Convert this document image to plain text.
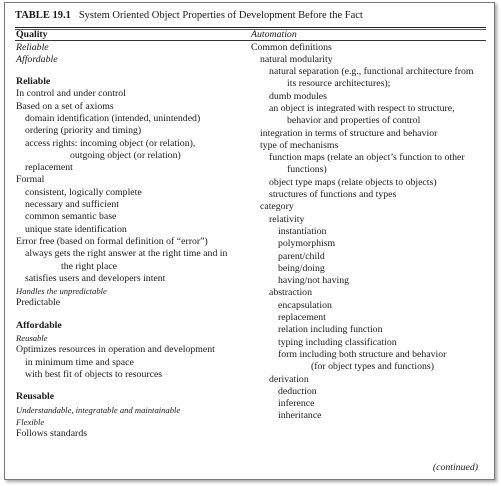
TABLE 19.1 System Oriented Object Properties of Development Before the Fact
Quality
Reliable
Affordable
Reliable
In control and under control
Based on a set of axioms
domain identification (intended, unintended)
ordering (priority and timing)
access rights: incoming object (or relation),
outgoing object (or relation)
replacement
Formal
consistent, logically complete
necessary and sufficient
common semantic base
unique state identification
Error free (based on formal definition of “error”)
always gets the right answer at the right time and in
the right place
satisfies users and developers intent
Handles the unpredictable
Predictable
Affordable
Reusable
Optimizes resources in operation and development
in minimum time and space
with best fit of objects to resources
Reusable
Understandable, integratable and maintainable
Flexible
Follows standards
Automation
Common definitions
natural modularity
natural separation (e.g., functional architecture from
its resource architectures);
dumb modules
an object is integrated with respect to structure,
behavior and properties of control
integration in terms of structure and behavior
type of mechanisms
function maps (relate an object’s function to other
functions)
object type maps (relate objects to objects)
structures of functions and types
category
relativity
instantiation
polymorphism
parent/child
being/doing
having/not having
abstraction
encapsulation
replacement
relation including function
typing including classification
form including both structure and behavior
(for object types and functions)
derivation
deduction
inference
inheritance
(continued)
